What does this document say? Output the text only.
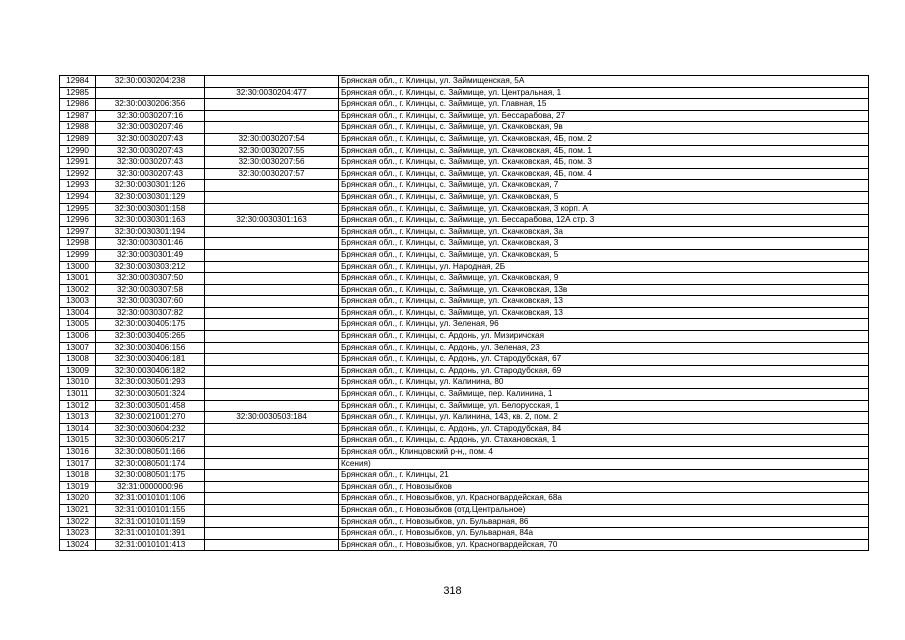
12984	32:30:0030204:238		Брянская обл., г. Клинцы, ул. Займищенская, 5А
12985		32:30:0030204:477	Брянская обл., г. Клинцы, с. Займище, ул. Центральная, 1
12986	32:30:0030206:356		Брянская обл., г. Клинцы, с. Займище, ул. Главная, 15
12987	32:30:0030207:16		Брянская обл., г. Клинцы, с. Займище, ул. Бессарабова, 27
12988	32:30:0030207:46		Брянская обл., г. Клинцы, с. Займище, ул. Скачковская, 9в
12989	32:30:0030207:43	32:30:0030207:54	Брянская обл., г. Клинцы, с. Займище, ул. Скачковская, 4Б, пом. 2
12990	32:30:0030207:43	32:30:0030207:55	Брянская обл., г. Клинцы, с. Займище, ул. Скачковская, 4Б, пом. 1
12991	32:30:0030207:43	32:30:0030207:56	Брянская обл., г. Клинцы, с. Займище, ул. Скачковская, 4Б, пом. 3
12992	32:30:0030207:43	32:30:0030207:57	Брянская обл., г. Клинцы, с. Займище, ул. Скачковская, 4Б, пом. 4
12993	32:30:0030301:126		Брянская обл., г. Клинцы, с. Займище, ул. Скачковская, 7
12994	32:30:0030301:129		Брянская обл., г. Клинцы, с. Займище, ул. Скачковская, 5
12995	32:30:0030301:158		Брянская обл., г. Клинцы, с. Займище, ул. Скачковская, 3 корп. А
12996	32:30:0030301:163	32:30:0030301:163	Брянская обл., г. Клинцы, с. Займище, ул. Бессарабова, 12А стр. 3
12997	32:30:0030301:194		Брянская обл., г. Клинцы, с. Займище, ул. Скачковская, 3а
12998	32:30:0030301:46		Брянская обл., г. Клинцы, с. Займище, ул. Скачковская, 3
12999	32:30:0030301:49		Брянская обл., г. Клинцы, с. Займище, ул. Скачковская, 5
13000	32:30:0030303:212		Брянская обл., г. Клинцы, ул. Народная, 2Б
13001	32:30:0030307:50		Брянская обл., г. Клинцы, с. Займище, ул. Скачковская, 9
13002	32:30:0030307:58		Брянская обл., г. Клинцы, с. Займище, ул. Скачковская, 13в
13003	32:30:0030307:60		Брянская обл., г. Клинцы, с. Займище, ул. Скачковская, 13
13004	32:30:0030307:82		Брянская обл., г. Клинцы, с. Займище, ул. Скачковская, 13
13005	32:30:0030405:175		Брянская обл., г. Клинцы, ул. Зеленая, 96
13006	32:30:0030405:265		Брянская обл., г. Клинцы, с. Ардонь, ул. Мизиричская
13007	32:30:0030406:156		Брянская обл., г. Клинцы, с. Ардонь, ул. Зеленая, 23
13008	32:30:0030406:181		Брянская обл., г. Клинцы, с. Ардонь, ул. Стародубская, 67
13009	32:30:0030406:182		Брянская обл., г. Клинцы, с. Ардонь, ул. Стародубская, 69
13010	32:30:0030501:293		Брянская обл., г. Клинцы, ул. Калинина, 80
13011	32:30:0030501:324		Брянская обл., г. Клинцы, с. Займище, пер. Калинина, 1
13012	32:30:0030501:458		Брянская обл., г. Клинцы, с. Займище, ул. Белорусская, 1
13013	32:30:0021001:270	32:30:0030503:184	Брянская обл., г. Клинцы, ул. Калинина, 143, кв. 2, пом. 2
13014	32:30:0030604:232		Брянская обл., г. Клинцы, с. Ардонь, ул. Стародубская, 84
13015	32:30:0030605:217		Брянская обл., г. Клинцы, с. Ардонь, ул. Стахановская, 1
13016	32:30:0080501:166		Брянская обл., Клинцовский р-н,, пом. 4
13017	32:30:0080501:174		Ксения)
13018	32:30:0080501:175		Брянская обл., г. Клинцы, 21
13019	32:31:0000000:96		Брянская обл., г. Новозыбков
13020	32:31:0010101:106		Брянская обл., г. Новозыбков, ул. Красногвардейская, 68а
13021	32:31:0010101:155		Брянская обл., г. Новозыбков (отд.Центральное)
13022	32:31:0010101:159		Брянская обл., г. Новозыбков, ул. Бульварная, 86
13023	32:31:0010101:391		Брянская обл., г. Новозыбков, ул. Бульварная, 84а
13024	32:31:0010101:413		Брянская обл., г. Новозыбков, ул. Красногвардейская, 70
318
